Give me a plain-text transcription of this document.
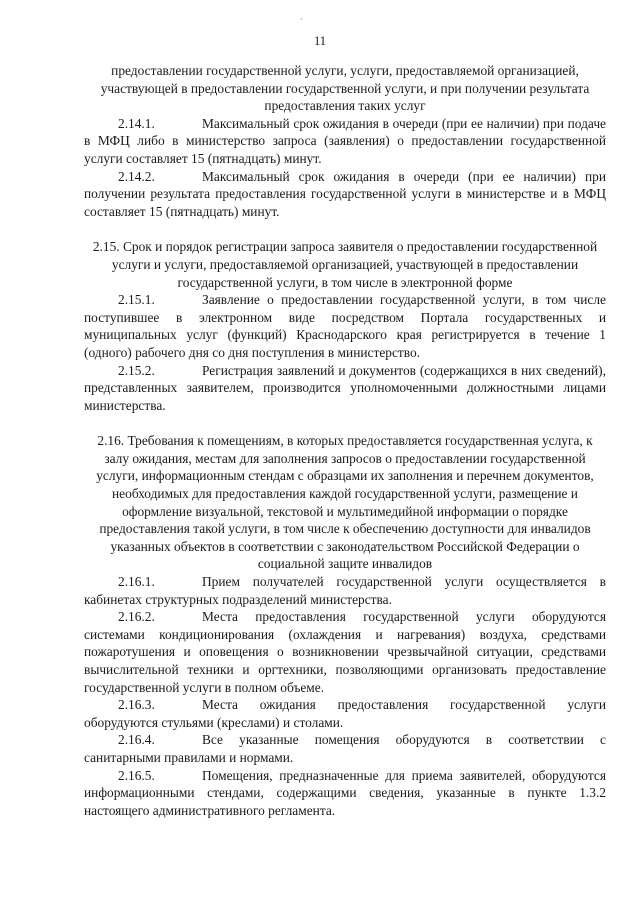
·
11
предоставлении государственной услуги, услуги, предоставляемой организацией, участвующей в предоставлении государственной услуги, и при получении результата предоставления таких услуг
2.14.1.	Максимальный срок ожидания в очереди (при ее наличии) при подаче в МФЦ либо в министерство запроса (заявления) о предоставлении государственной услуги составляет 15 (пятнадцать) минут.
2.14.2.	Максимальный срок ожидания в очереди (при ее наличии) при получении результата предоставления государственной услуги в министерстве и в МФЦ составляет 15 (пятнадцать) минут.
2.15. Срок и порядок регистрации запроса заявителя о предоставлении государственной услуги и услуги, предоставляемой организацией, участвующей в предоставлении государственной услуги, в том числе в электронной форме
2.15.1.	Заявление о предоставлении государственной услуги, в том числе поступившее в электронном виде посредством Портала государственных и муниципальных услуг (функций) Краснодарского края регистрируется в течение 1 (одного) рабочего дня со дня поступления в министерство.
2.15.2.	Регистрация заявлений и документов (содержащихся в них сведений), представленных заявителем, производится уполномоченными должностными лицами министерства.
2.16. Требования к помещениям, в которых предоставляется государственная услуга, к залу ожидания, местам для заполнения запросов о предоставлении государственной услуги, информационным стендам с образцами их заполнения и перечнем документов, необходимых для предоставления каждой государственной услуги, размещение и оформление визуальной, текстовой и мультимедийной информации о порядке предоставления такой услуги, в том числе к обеспечению доступности для инвалидов указанных объектов в соответствии с законодательством Российской Федерации о социальной защите инвалидов
2.16.1.	Прием получателей государственной услуги осуществляется в кабинетах структурных подразделений министерства.
2.16.2.	Места предоставления государственной услуги оборудуются системами кондиционирования (охлаждения и нагревания) воздуха, средствами пожаротушения и оповещения о возникновении чрезвычайной ситуации, средствами вычислительной техники и оргтехники, позволяющими организовать предоставление государственной услуги в полном объеме.
2.16.3.	Места ожидания предоставления государственной услуги оборудуются стульями (креслами) и столами.
2.16.4.	Все указанные помещения оборудуются в соответствии с санитарными правилами и нормами.
2.16.5.	Помещения, предназначенные для приема заявителей, оборудуются информационными стендами, содержащими сведения, указанные в пункте 1.3.2 настоящего административного регламента.
